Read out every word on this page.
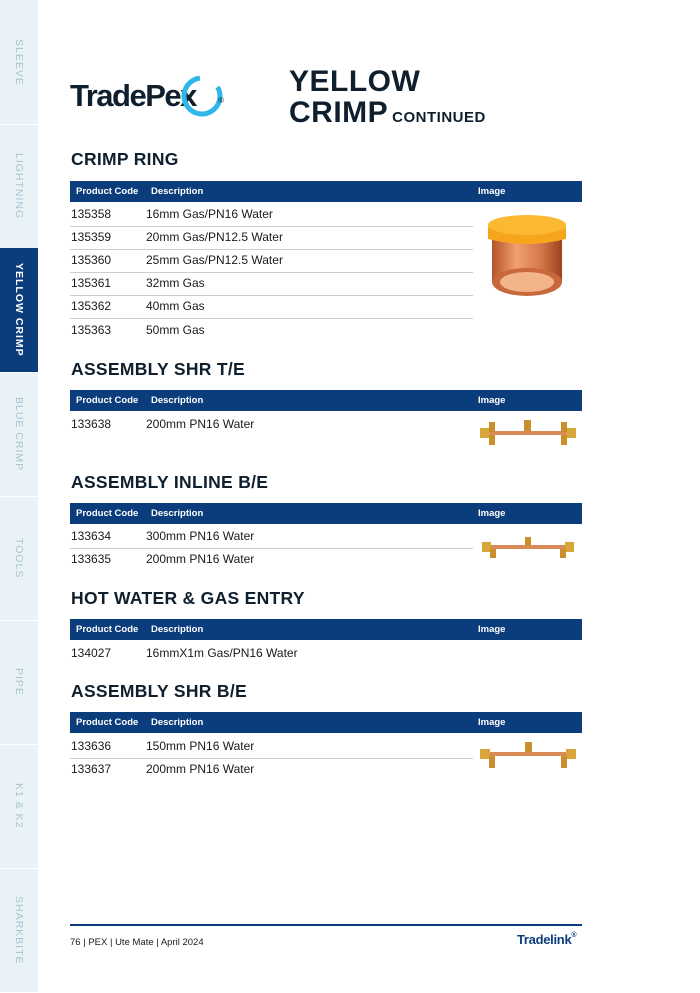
SLEEVE
LIGHTNING
YELLOW CRIMP
BLUE CRIMP
TOOLS
PIPE
K1 & K2
SHARKBITE
TradePex	®
YELLOW
CRIMP CONTINUED
CRIMP RING
Product Code Description	Image
135358	16mm Gas/PN16 Water
135359	20mm Gas/PN12.5 Water
135360	25mm Gas/PN12.5 Water
135361	32mm Gas
135362	40mm Gas
135363	50mm Gas
ASSEMBLY SHR T/E
Product Code Description	Image
133638	200mm PN16 Water
ASSEMBLY INLINE B/E
Product Code Description	Image
133634	300mm PN16 Water
133635	200mm PN16 Water
HOT WATER & GAS ENTRY
Product Code Description	Image
134027	16mmX1m Gas/PN16 Water
ASSEMBLY SHR B/E
Product Code Description	Image
133636	150mm PN16 Water
133637	200mm PN16 Water
76 | PEX | Ute Mate | April 2024	Tradelink®
